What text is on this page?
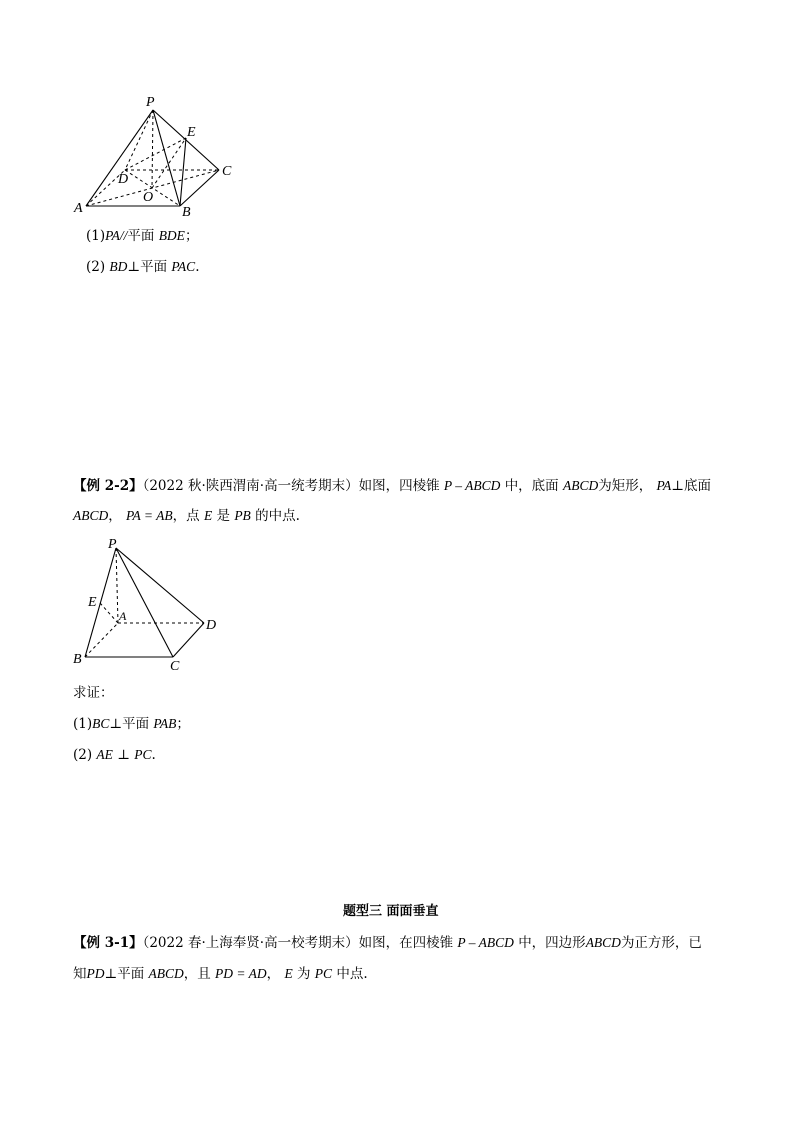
P
E
C
D
O
A	B
(1)PA//平面 BDE；
(2) BD⊥平面 PAC.
【例 2-2】（2022 秋·陕西渭南·高一统考期末）如图，四棱锥 P – ABCD 中，底面 ABCD为矩形， PA⊥底面
ABCD， PA = AB，点 E 是 PB 的中点.
P
E
A
D
B	C
求证：
(1)BC⊥平面 PAB；
(2) AE ⊥ PC.
题型三 面面垂直
【例 3-1】（2022 春·上海奉贤·高一校考期末）如图，在四棱锥 P – ABCD 中，四边形ABCD为正方形，已
知PD⊥平面 ABCD，且 PD = AD， E 为 PC 中点.
